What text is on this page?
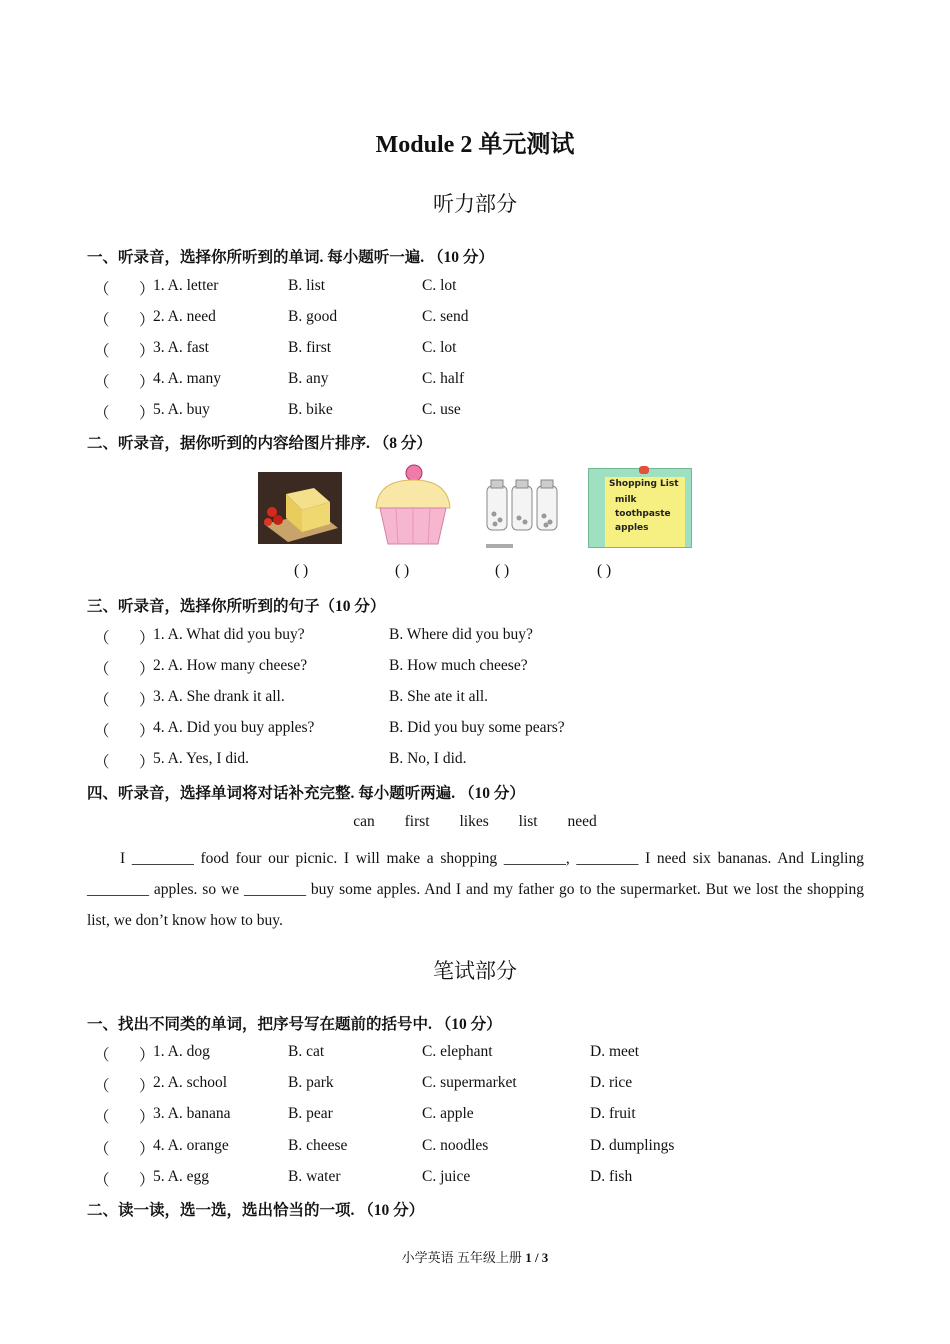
Module 2 单元测试
听力部分
一、听录音，选择你所听到的单词. 每小题听一遍. （10 分）
（ ）
1. A. letter	B. list	C. lot
（ ）
2. A. need	B. good	C. send
（ ）
3. A. fast	B. first	C. lot
（ ）
4. A. many	B. any	C. half
（ ）
5. A. buy	B. bike	C. use
二、听录音，据你听到的内容给图片排序. （8 分）
Shopping List
milk
toothpaste
apples
( )	( )	( )	( )
三、听录音，选择你所听到的句子（10 分）
（ ）
1. A. What did you buy?	B. Where did you buy?
（ ）
2. A. How many cheese?	B. How much cheese?
（ ）
3. A. She drank it all.	B. She ate it all.
（ ）
4. A. Did you buy apples?	B. Did you buy some pears?
（ ）
5. A. Yes, I did.	B. No, I did.
四、听录音，选择单词将对话补充完整. 每小题听两遍. （10 分）
can first likes list need
I ________ food four our picnic. I will make a shopping ________, ________ I need six bananas. And Lingling ________ apples. so we ________ buy some apples. And I and my father go to the supermarket. But we lost the shopping list, we don’t know how to buy.
笔试部分
一、找出不同类的单词，把序号写在题前的括号中. （10 分）
（ ）
1. A. dog	B. cat	C. elephant	D. meet
（ ）
2. A. school	B. park	C. supermarket	D. rice
（ ）
3. A. banana	B. pear	C. apple	D. fruit
（ ）
4. A. orange	B. cheese	C. noodles	D. dumplings
（ ）
5. A. egg	B. water	C. juice	D. fish
二、读一读，选一选，选出恰当的一项. （10 分）
小学英语 五年级上册 1 / 3
